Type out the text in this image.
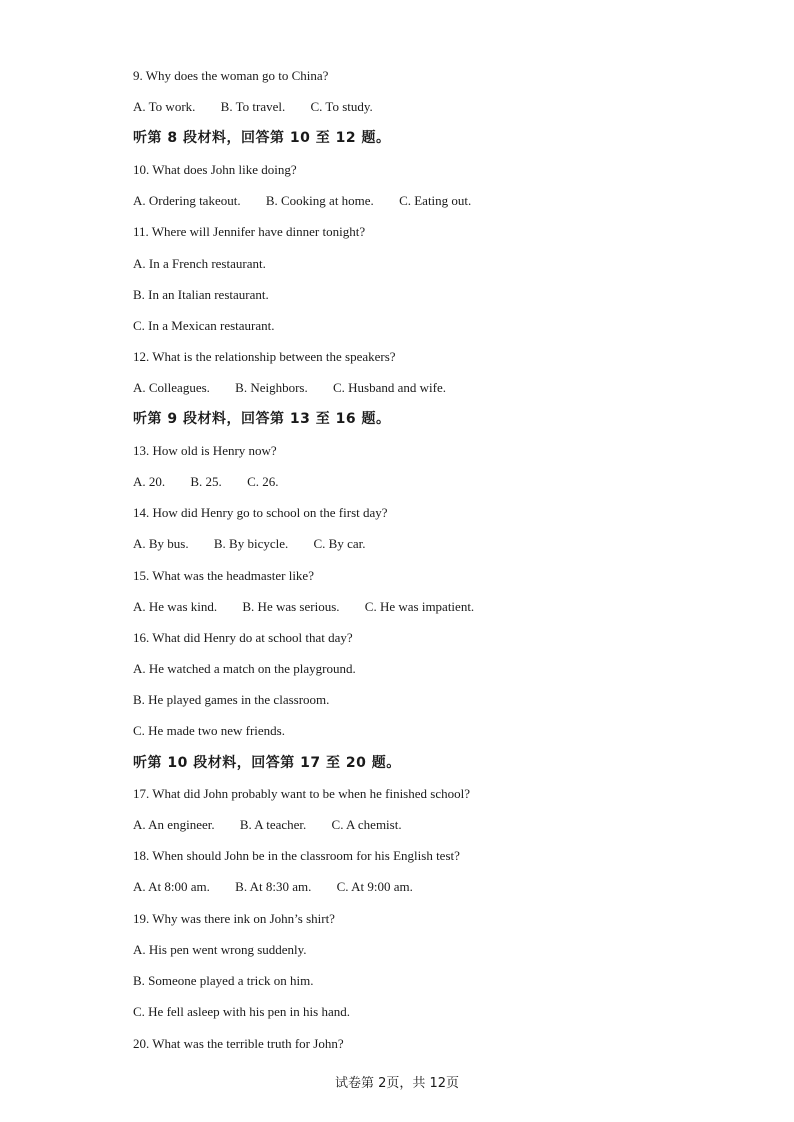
9. Why does the woman go to China?
A. To work. B. To travel. C. To study.
听第 8 段材料，回答第 10 至 12 题。
10. What does John like doing?
A. Ordering takeout. B. Cooking at home. C. Eating out.
11. Where will Jennifer have dinner tonight?
A. In a French restaurant.
B. In an Italian restaurant.
C. In a Mexican restaurant.
12. What is the relationship between the speakers?
A. Colleagues. B. Neighbors. C. Husband and wife.
听第 9 段材料，回答第 13 至 16 题。
13. How old is Henry now?
A. 20. B. 25. C. 26.
14. How did Henry go to school on the first day?
A. By bus. B. By bicycle. C. By car.
15. What was the headmaster like?
A. He was kind. B. He was serious. C. He was impatient.
16. What did Henry do at school that day?
A. He watched a match on the playground.
B. He played games in the classroom.
C. He made two new friends.
听第 10 段材料，回答第 17 至 20 题。
17. What did John probably want to be when he finished school?
A. An engineer. B. A teacher. C. A chemist.
18. When should John be in the classroom for his English test?
A. At 8:00 am. B. At 8:30 am. C. At 9:00 am.
19. Why was there ink on John’s shirt?
A. His pen went wrong suddenly.
B. Someone played a trick on him.
C. He fell asleep with his pen in his hand.
20. What was the terrible truth for John?
试卷第 2页，共 12页
